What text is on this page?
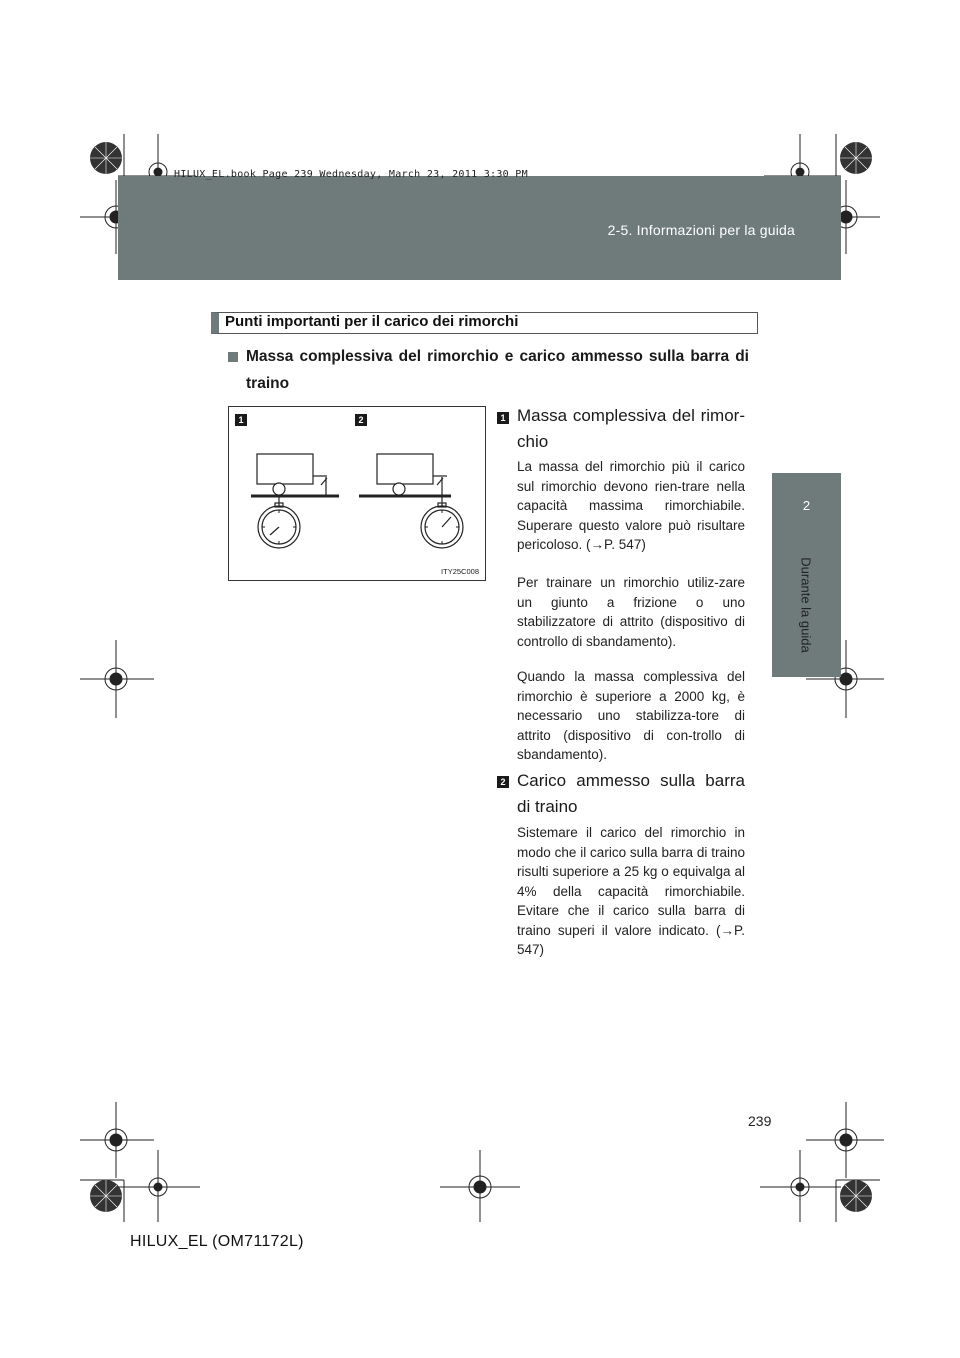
HILUX_EL.book Page 239 Wednesday, March 23, 2011 3:30 PM
2-5. Informazioni per la guida
2
Durante la guida
Punti importanti per il carico dei rimorchi
Massa complessiva del rimorchio e carico ammesso sulla barra di traino
1	2
ITY25C008
1 Massa complessiva del rimor-chio
La massa del rimorchio più il carico sul rimorchio devono rien-trare nella capacità massima rimorchiabile. Superare questo valore può risultare pericoloso. (→P. 547)
Per trainare un rimorchio utiliz-zare un giunto a frizione o uno stabilizzatore di attrito (dispositivo di controllo di sbandamento).
Quando la massa complessiva del rimorchio è superiore a 2000 kg, è necessario uno stabilizza-tore di attrito (dispositivo di con-trollo di sbandamento).
2 Carico ammesso sulla barra di traino
Sistemare il carico del rimorchio in modo che il carico sulla barra di traino risulti superiore a 25 kg o equivalga al 4% della capacità rimorchiabile. Evitare che il carico sulla barra di traino superi il valore indicato. (→P. 547)
239
HILUX_EL (OM71172L)
